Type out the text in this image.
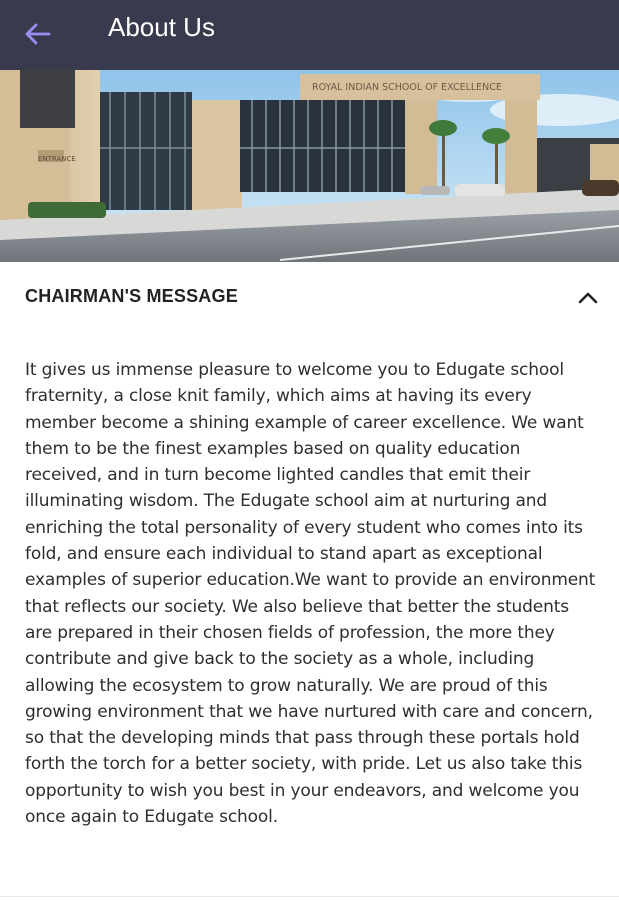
About Us
ROYAL INDIAN SCHOOL OF EXCELLENCE
ENTRANCE
CHAIRMAN'S MESSAGE

It gives us immense pleasure to welcome you to Edugate school fraternity, a close knit family, which aims at having its every member become a shining example of career excellence. We want them to be the finest examples based on quality education received, and in turn become lighted candles that emit their illuminating wisdom. The Edugate school aim at nurturing and enriching the total personality of every student who comes into its fold, and ensure each individual to stand apart as exceptional examples of superior education.We want to provide an environment that reflects our society. We also believe that better the students are prepared in their chosen fields of profession, the more they contribute and give back to the society as a whole, including allowing the ecosystem to grow naturally. We are proud of this growing environment that we have nurtured with care and concern, so that the developing minds that pass through these portals hold forth the torch for a better society, with pride. Let us also take this opportunity to wish you best in your endeavors, and welcome you once again to Edugate school.
